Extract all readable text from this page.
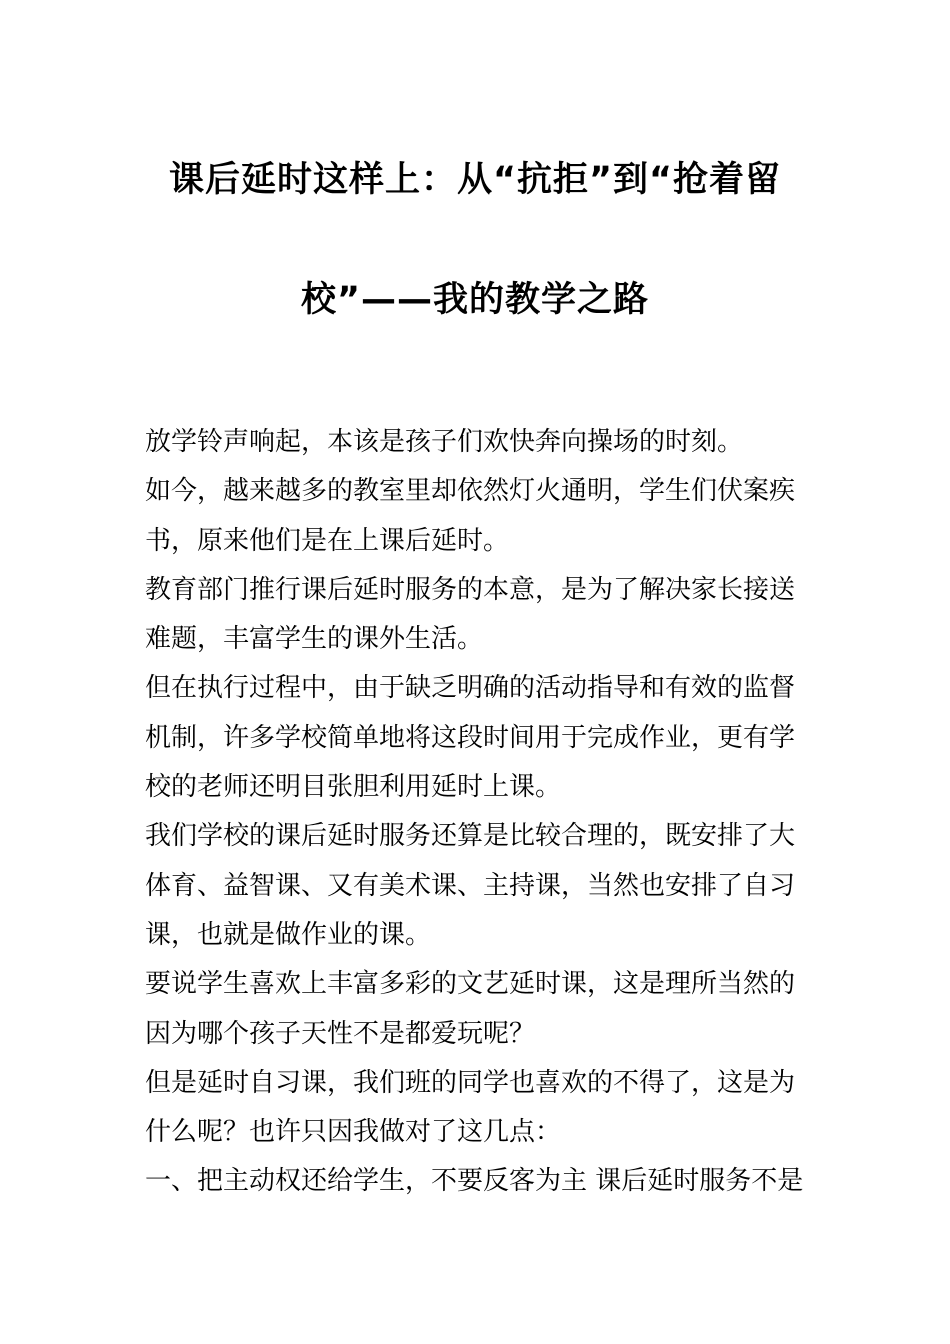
课后延时这样上：从“抗拒”到“抢着留
校”——我的教学之路
放学铃声响起，本该是孩子们欢快奔向操场的时刻。
如今，越来越多的教室里却依然灯火通明，学生们伏案疾
书，原来他们是在上课后延时。
教育部门推行课后延时服务的本意，是为了解决家长接送
难题，丰富学生的课外生活。
但在执行过程中，由于缺乏明确的活动指导和有效的监督
机制，许多学校简单地将这段时间用于完成作业，更有学
校的老师还明目张胆利用延时上课。
我们学校的课后延时服务还算是比较合理的，既安排了大
体育、益智课、又有美术课、主持课，当然也安排了自习
课，也就是做作业的课。
要说学生喜欢上丰富多彩的文艺延时课，这是理所当然的
因为哪个孩子天性不是都爱玩呢？
但是延时自习课，我们班的同学也喜欢的不得了，这是为
什么呢？也许只因我做对了这几点：
一、把主动权还给学生，不要反客为主 课后延时服务不是
